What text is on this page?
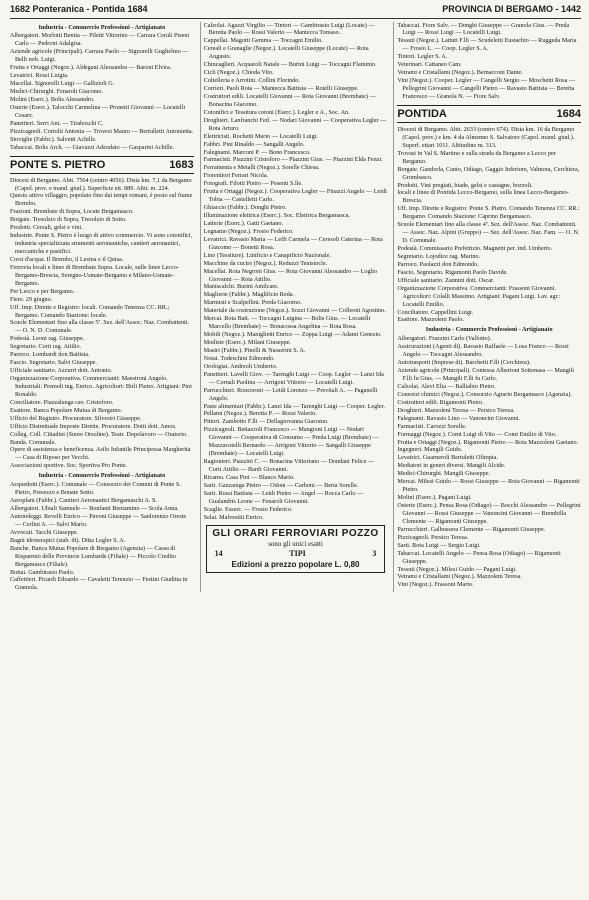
1682 Ponteranica - Pontida 1684	PROVINCIA DI BERGAMO - 1442
Industria - Commercio Professioni - Artigianato

Albergatori. Morlotti Benita — Piletti Vittorino — Carrara Ceruli Piseni Carlo — Pedroni Adalgisa.

Aziende agricole (Principali). Carrara Paolo — Signorelli Guglielmo — Belli nob. Luigi.

Frutta e Ortaggi (Negoz.). Aldegani Alessandra — Baroni Elvira.

Levatrici. Rossi Luigia.

Macellai. Signorelli Luigi — Gallizioli G.

Medici-Chirurghi. Fenaroli Giacomo.

Molini (Eserc.). Bolis Alessandro.

Osterie (Eserc.). Talocchi Carmelina — Pronetti Giovanni — Locatelli Cesare.

Panettieri. Serri Ant. — Tiraboschi C.

Pizzicagnoli. Cortolti Antonia — Trovesi Mauro — Bertulletti Antonietta.

Stoviglie (Fabbr.). Salvetti Achille.

Tabaccai. Bolis Arch. — Giavazzi Adeodato — Gasparini Achille.

PONTE S. PIETRO	1683

Diocesi di Bergamo. Abit. 7564 (centro 4056). Dista km. 7,1 da Bergamo (Capol. prov. e mand. giud.). Superficie ett. 889. Altit. m. 224.

Questo attivo villaggio, popolato fino dai tempi romani, è posto sul fiume Brembo.

Frazioni. Brembate di Sopra, Locate Bergamasco.

Borgate. Tresolzio di Sopra, Tresolzio di Sotto.

Prodotti. Cereali, gelsi e vini.

Industrie. Ponte S. Pietro è luogo di attivo commercio. Vi sono cotonifici, industria specializzata strumenti aeronautiche, cantieri aeronautici, meccaniche e pastifici.

Corsi d'acqua. Il Brembo, il Lesina e il Quisa.

Ferrovia locali e linee di Brembate Sopra. Locale, sulle linee Lecco-Bergamo-Brescia, Seregno-Usmate-Bergamo e Milano-Usmate-Bergamo.

Per Lecco e per Bergamo.

Fiere. 29 giugno.

Uff. Imp. Dirette e Registro: locali. Comando Tenenza CC. RR.; Bergamo. Comando Stazione: locale.

Scuole Elementari fino alla classe 5ª. Sez. dell'Assoc. Naz. Combattenti. — O. N. D. Comunale.

Podestà. Leoni rag. Giuseppe.

Segretario. Corti rag. Attilio.

Parroco. Lombardi don Battista.

Fascio. Segretario. Salvi Giuseppe.

Ufficiale sanitario. Azzurri dott. Antonio.

Organizzazione Corporativa. Commercianti: Maestroni Angelo. Industriali: Premoli ing. Enrico. Agricoltori: Birli Pietro. Artigiani: Pini Ronaldo.

Conciliatore. Piazzalunga cav. Cristoforo.

Esattore. Banca Popolare Mutua di Bergamo.

Ufficio del Registro. Procuratore. Silvestri Giuseppe.

Ufficio Distrettuale Imposte Dirette. Procuratore. Dotti dott. Amos.

Colleg. Coll. Cittadini (Suore Orsoline). Teatr. Dopolavoro — Oratorio.

Banda. Comunale.

Opere di assistenza e beneficenza. Asilo Infantile Principessa Margherita — Casa di Riposo per Vecchi.

Associazioni sportive. Soc. Sportiva Pro Ponte.

Industria - Commercio Professioni - Artigianato

Acquedotti (Eserc.). Comunale — Consorzio dei Comuni di Ponte S. Pietro, Presezzo e Bonate Sotto.

Aeroplani (Fabbr.). Cantieri Aeronautici Bergamaschi A. S.

Albergatori. Ubiali Samuele — Bonfanti Beniamino — Scola Anna.

Autonoleggi. Revelli Enrico — Pavoni Giuseppe — Sanlorenzo Oreste — Cerlini A. — Salvi Mario.

Avvocati. Tacchi Giuseppe.

Bagni idroterapici (stab. di). Ditta Legler S. A.

Banche. Banca Mutua Popolare di Bergamo (Agenzia) — Cassa di Risparmio delle Provincie Lombarde (Filiale) — Piccolo Credito Bergamasco (Filiale).

Bottai. Gambirasio Paolo.

Caffettieri. Picardi Edoardo — Cavaletti Terenzio — Festini Giuditta in Gramola.

Calzolai. Agazzi Virgilio — Tintori — Gambirasio Luigi (Locate) — Beretta Paolo — Rossi Valerio — Mantecca Tomaso.

Cappellai. Magotti Gemma — Toccagni Emilio.

Cereali e Granaglie (Negoz.). Locatelli Giuseppe (Locate) — Rota Augusto.

Chincaglieri. Acquaroli Natale — Burini Luigi — Toccagni Flaminio.

Cicli (Negoz.). Chioda Vito.

Coltelleria e Arrotini. Collini Florindo.

Corrieri. Paoli Rota — Mantecca Battista — Rotelli Giuseppe.

Costruttori edili. Locatelli Giovanni — Rota Giovanni (Brembate) — Bonacina Giacomo.

Cotonifici e Tessitura cotoni (Eserc.). Legler e A., Soc. An.

Droghieri. Lanfranchi Fed. — Nodari Giovanni — Cooperativa Legler — Rota Arturo.

Elettricisti. Rochetti Mario — Locatelli Luigi.

Fabbri. Pini Rinaldo — Sangalli Angelo.

Falegnami. Marconi P. — Bono Francesco.

Farmacisti. Piazzini Cristoforo — Piazzini Gius. — Piazzini Elda Fenzi.

Ferramenta e Metalli (Negoz.). Sorelle Chiesa.

Fiorentiori Ferrari Nicola.

Fotografi. Filotti Pietro — Pesenti S.lle.

Frutta e Ortaggi (Negoz.). Cooperativa Legler — Finazzi Angelo — Leidi Tobia — Castelletti Carlo.

Ghiaccio (Fabbr.). Donghi Pietro.

Illuminazione elettrica (Eserc.). Soc. Elettrica Bergamasca.

Latterie (Eserc.). Gatti Gaetano.

Legname (Negoz.). Frosio Federico.

Levatrici. Ravasio Maria — Leffi Carmela — Ceresoli Caterina — Rota Giacomo — Bonetti Rosa.

Lino (Tessiture). Linificio e Canapificio Nazionale.

Macchine da cucire (Negoz.). Reduzzi Tenistocle.

Macellai. Rota Negroni Gius. — Rota Giovanni Alessandro — Loglio Giovanni — Rota Attilio.

Maniscalchi. Burini Amilcare.

Maglierie (Fabbr.). Maglificio Reda.

Marmisti e Scalpellini. Preda Giacomo.

Materiale da costruzione (Negoz.). Sozzi Giovanni — Colleoni Agostino.

Mercai. Rota Batt. — Toccagni Luigina — Bolis Gius. — Locatelli Marcello (Brembate) — Bonacossa Angelina — Rota Rosa.

Mobili (Negoz.). Maniglietti Enrico — Zoppa Luigi — Adami Genesio.

Modiste (Eserc.). Milani Giuseppe.

Mastri (Fabbr.). Pinelli & Nasserini S. A.

Notai. Todeschini Edmondo.

Orologiai. Andreoli Umberto.

Panettieri. Lavelli Giov. — Tarenghi Luigi — Coop. Legler — Lanzi Ida — Cornali Paolina — Arrigoni Vittorio — Locatelli Luigi.

Parrucchieri. Roncoroni — Leidi Lorenzo — Previtali A. — Paganelli Angelo.

Paste alimentari (Fabbr.). Lanzi Ida — Tarenghi Luigi — Cooper. Legler.

Pellami (Negoz.). Beretta P. — Rossi Valerio.

Pittori. Zambotto F.lli — Dellagiovanna Giacomo.

Pizzicagnoli. Bettazzoli Francesco — Mangioni Luigi — Nodari Giovanni — Cooperativa di Consumo — Preda Luigi (Brembate) — Mazzucotelli Bernardo — Arrigoni Vittorio — Sangalli Giuseppe (Brembate) — Locatelli Luigi.

Ragionieri. Piazzini C. — Bonacina Vittoriano — Dondani Felice — Corti Attilio — Banfi Giovanni.

Ricamo. Casa Pini — Blanco Mario.

Sarti. Gazzaniga Pietro — Odoni — Carboni — Berta Sorelle.

Sarti. Rossi Battista — Leidi Pietro — Angel — Rocca Carlo — Gualandris Leone — Fenaroli Giovanni.

Scaglie. Esserc. — Frosio Federico.

Selai. Malvestiti Enrico.

GLI ORARI FERROVIARI POZZO
sono gli unici esatti
14	TIPI	3
Edizioni a prezzo popolare L. 0,80

Tabaccai. Fiore Salv. — Donghi Giuseppe — Granola Gius. — Preda Luigi — Rossi Luigi — Locatelli Luigi.

Tessuti (Negoz.). Lattuti F.lli — Scudeletti Eustachio — Ruggeda Maria — Frosio L. — Coop. Legler S. A.

Tintori. Legler S. A.

Veterinari. Cattaneo Cam.

Vetrami e Cristallami (Negoz.). Bernacconi Dante.

Vini (Negoz.). Cooper. Legler — Cangelli Sergio — Moschetti Rosa — Pellegrini Giovanni — Cangelli Pietro — Ravasio Battista — Beretta Francesco — Granola N. — Fiore Salv.

PONTIDA	1684

Diocesi di Bergamo. Abit. 2633 (centro 674). Dista km. 16 da Bergamo (Capol. prov.) e km. 4 da Almenno S. Salvatore (Capol. mand. giud.). Superf. ettari 1011. Altitudine m. 313.

Trovasi in Val S. Martino e sulla strada da Bergamo a Lecco per Bergamo.

Borgate. Gandorla, Canto, Odiago, Gaggio Inferiore, Valmora, Cerchiera, Grombasco.

Prodotti. Vini pregiati, biade, gelsi e castagne, bozzoli.

locali e linee di Pontida Lecco-Bergamo, sulla linea Lecco-Bergamo-Brescia.

Uff. Imp. Dirette e Registro: Ponte S. Pietro. Comando Tenenza CC. RR.: Bergamo. Comando Stazione: Caprino Bergamasco.

Scuole Elementari fino alla classe 4ª. Sez. dell'Assoc. Naz. Combattenti. — Assoc. Naz. Alpini (Gruppo) — Sez. dell'Assoc. Naz. Fam. — O. N. D. Comunale.

Podestà. Commissario Prefettizio. Magnetti per. ind. Umberto.

Segretario. Lojodice rag. Marino.

Parroco. Paolazzi don Edmondo.

Fascio. Segretario. Rigamonti Paolo Davide.

Ufficiale sanitario. Zannini dott. Oscar.

Organizzazione Corporativa. Commercianti: Frassoni Giovanni. Agricoltori: Colalli Massimo. Artigiani: Pagani Luigi. Lav. agr.: Locatelli Emilio.

Conciliatore. Cappellini Luigi.

Esattore. Mazzoleni Paolo.

Industria - Commercio Professioni - Artigianato

Albergatori. Frazzini Carlo (Vallotto).

Assicurazioni (Agenti di). Ravasio Raffaele — Losa Franco — Rossi Angelo — Toccagni Alessandro.

Autotrasporti (Imprese di). Barchetti F.lli (Cerchiera).

Aziende agricole (Principali). Contessa Albertoni Sottonasa — Mangili F.lli fu Gius. — Mangili F.lli fu Carlo.

Calzolai. Alevi Elia — Balliabio Pietro.

Consorzi chimici (Negoz.). Consorzio Agrario Bergamasco (Agenzia).

Costruttori edili. Rigamonti Pietro.

Droghieri. Mazzoleni Teresa — Persico Teresa.

Falegnami. Ravasio Lino — Vanoncini Giovanni.

Farmacisti. Carozzi Sorelle.

Formaggi (Negoz.). Comi Luigi di Vito — Comi Emilio di Vito.

Frutta e Ortaggi (Negoz.). Rigamonti Pietro — Rota Mazzoleni Gaetano.

Ingegneri. Mangili Guido.

Levatrici. Guarnerolì Bertuletti Olimpia.

Mediatori in generi diversi. Mangili Alcide.

Medici-Chirurghi. Mangili Giuseppe.

Mercai. Milesi Guido — Rossi Giuseppe — Rota Giovanni — Rigamonti Pietro.

Molini (Eserc.). Pagani Luigi.

Osterie (Eserc.). Pensa Rosa (Odiago) — Bocchi Alessandro — Pellegrini Giovanni — Rossi Giuseppe — Vanoncini Giovanni — Brembilla Clemente — Rigamonti Giuseppe.

Parrucchieri. Galbussera Clemente — Rigamonti Giuseppe.

Pizzicagnoli. Persico Teresa.

Sarti. Rota Luigi — Sergio Luigi.

Tabaccai. Locatelli Angelo — Pensa Rosa (Odiago) — Rigamonti Giuseppe.

Tessuti (Negoz.). Milesi Guido — Pagani Luigi.

Vetrami e Cristallami (Negoz.). Mazzoleni Teresa.

Vini (Negoz.). Frassoni Mario.
